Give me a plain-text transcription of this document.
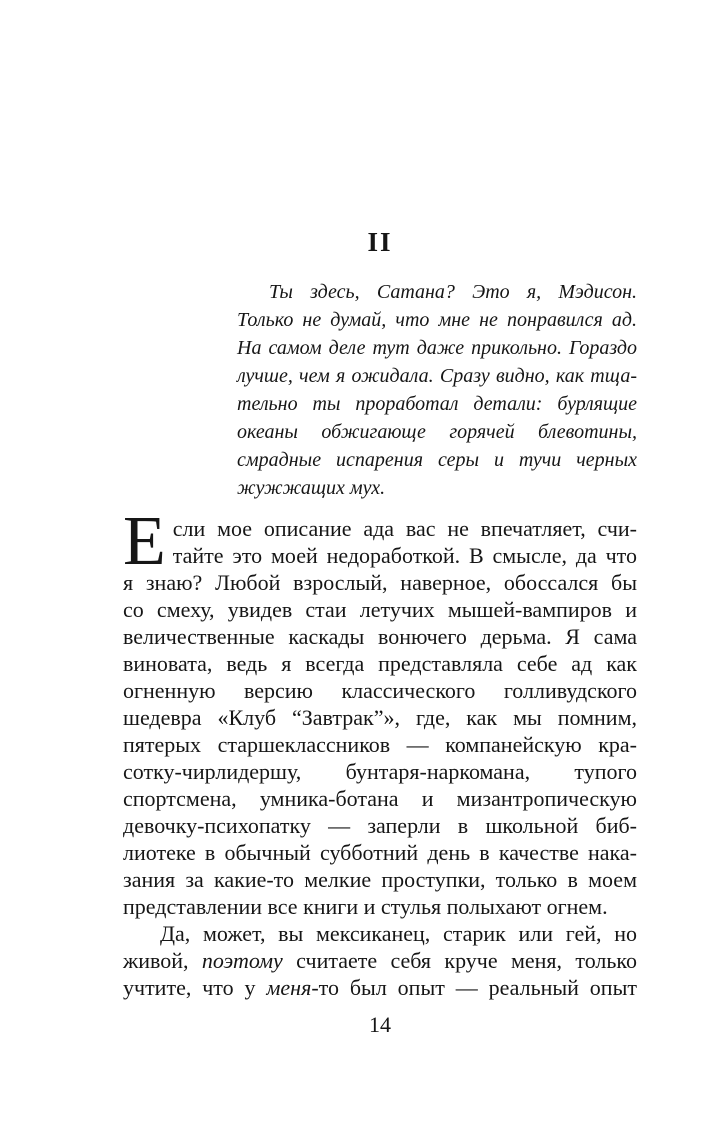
II
Ты здесь, Сатана? Это я, Мэдисон.
Только не думай, что мне не понравился ад.
На самом деле тут даже прикольно. Гораздо
лучше, чем я ожидала. Сразу видно, как тща-
тельно ты проработал детали: бурлящие
океаны обжигающе горячей блевотины,
смрадные испарения серы и тучи черных
жужжащих мух.
Е сли мое описание ада вас не впечатляет, счи-
тайте это моей недоработкой. В смысле, да что
я знаю? Любой взрослый, наверное, обоссался бы
со смеху, увидев стаи летучих мышей-вампиров и
величественные каскады вонючего дерьма. Я сама
виновата, ведь я всегда представляла себе ад как
огненную версию классического голливудского
шедевра «Клуб “Завтрак”», где, как мы помним,
пятерых старшеклассников — компанейскую кра-
сотку-чирлидершу, бунтаря-наркомана, тупого
спортсмена, умника-ботана и мизантропическую
девочку-психопатку — заперли в школьной биб-
лиотеке в обычный субботний день в качестве нака-
зания за какие-то мелкие проступки, только в моем
представлении все книги и стулья полыхают огнем.
Да, может, вы мексиканец, старик или гей, но
живой, поэтому считаете себя круче меня, только
учтите, что у меня-то был опыт — реальный опыт
14
